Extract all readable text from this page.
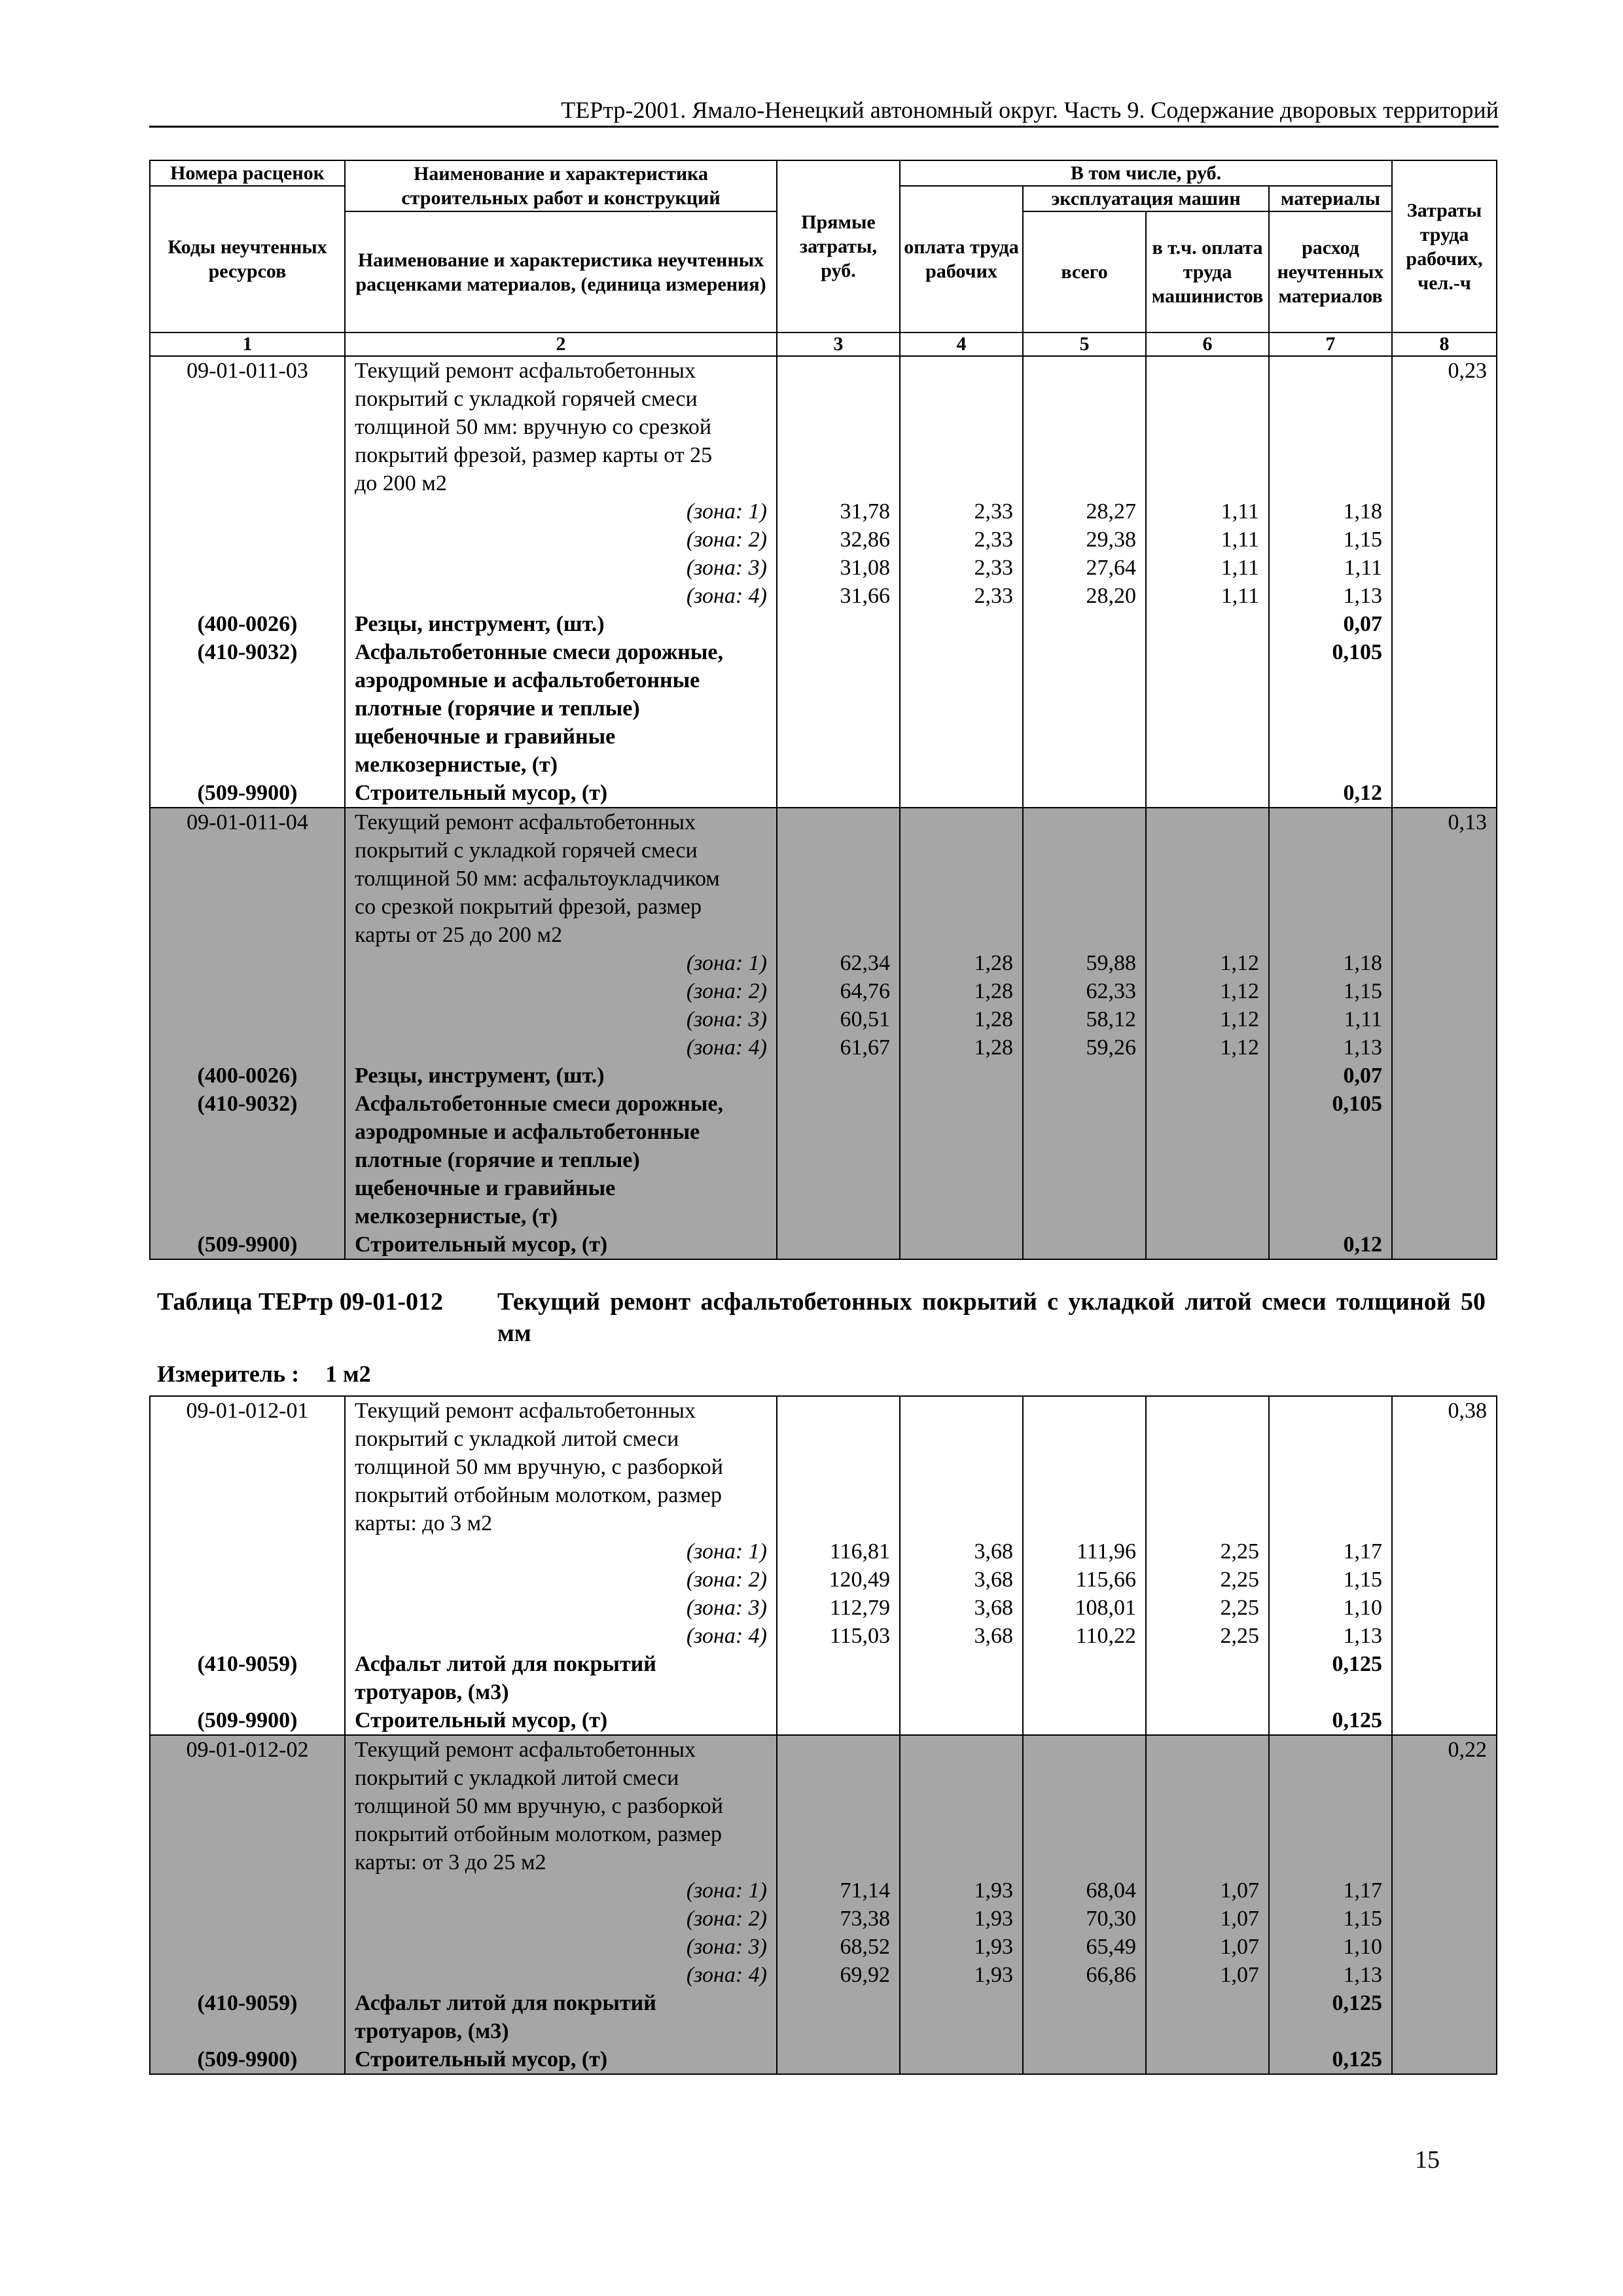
ТЕРтр-2001. Ямало-Ненецкий автономный округ. Часть 9. Содержание дворовых территорий
Номера расценок	Наименование и характеристика строительных работ и конструкций	Прямые затраты, руб.	В том числе, руб.				Затраты труда рабочих, чел.-ч
Коды неучтенных ресурсов			оплата труда рабочих	эксплуатация машин		материалы	
	Наименование и характеристика неучтенных расценками материалов, (единица измерения)			всего	в т.ч. оплата труда машинистов	расход неучтенных материалов	

1	2	3	4	5	6	7	8
09-01-011-03	Текущий ремонт асфальтобетонных						0,23
	покрытий с укладкой горячей смеси						
	толщиной 50 мм: вручную со срезкой						
	покрытий фрезой, размер карты от 25						
	до 200 м2						
	(зона: 1)	31,78	2,33	28,27	1,11	1,18	
	(зона: 2)	32,86	2,33	29,38	1,11	1,15	
	(зона: 3)	31,08	2,33	27,64	1,11	1,11	
	(зона: 4)	31,66	2,33	28,20	1,11	1,13	
(400-0026)	Резцы, инструмент, (шт.)					0,07	
(410-9032)	Асфальтобетонные смеси дорожные,					0,105	
	аэродромные и асфальтобетонные						
	плотные (горячие и теплые)						
	щебеночные и гравийные						
	мелкозернистые, (т)						
(509-9900)	Строительный мусор, (т)					0,12	
09-01-011-04	Текущий ремонт асфальтобетонных						0,13
	покрытий с укладкой горячей смеси						
	толщиной 50 мм: асфальтоукладчиком						
	со срезкой покрытий фрезой, размер						
	карты от 25 до 200 м2						
	(зона: 1)	62,34	1,28	59,88	1,12	1,18	
	(зона: 2)	64,76	1,28	62,33	1,12	1,15	
	(зона: 3)	60,51	1,28	58,12	1,12	1,11	
	(зона: 4)	61,67	1,28	59,26	1,12	1,13	
(400-0026)	Резцы, инструмент, (шт.)					0,07	
(410-9032)	Асфальтобетонные смеси дорожные,					0,105	
	аэродромные и асфальтобетонные						
	плотные (горячие и теплые)						
	щебеночные и гравийные						
	мелкозернистые, (т)						
(509-9900)	Строительный мусор, (т)					0,12	
Таблица ТЕРтр 09-01-012 Текущий ремонт асфальтобетонных покрытий с укладкой литой смеси толщиной 50 мм
Измеритель : 1 м2
09-01-012-01	Текущий ремонт асфальтобетонных						0,38
	покрытий с укладкой литой смеси						
	толщиной 50 мм вручную, с разборкой						
	покрытий отбойным молотком, размер						
	карты: до 3 м2						
	(зона: 1)	116,81	3,68	111,96	2,25	1,17	
	(зона: 2)	120,49	3,68	115,66	2,25	1,15	
	(зона: 3)	112,79	3,68	108,01	2,25	1,10	
	(зона: 4)	115,03	3,68	110,22	2,25	1,13	
(410-9059)	Асфальт литой для покрытий					0,125	
	тротуаров, (м3)						
(509-9900)	Строительный мусор, (т)					0,125	
09-01-012-02	Текущий ремонт асфальтобетонных						0,22
	покрытий с укладкой литой смеси						
	толщиной 50 мм вручную, с разборкой						
	покрытий отбойным молотком, размер						
	карты: от 3 до 25 м2						
	(зона: 1)	71,14	1,93	68,04	1,07	1,17	
	(зона: 2)	73,38	1,93	70,30	1,07	1,15	
	(зона: 3)	68,52	1,93	65,49	1,07	1,10	
	(зона: 4)	69,92	1,93	66,86	1,07	1,13	
(410-9059)	Асфальт литой для покрытий					0,125	
	тротуаров, (м3)						
(509-9900)	Строительный мусор, (т)					0,125	
15
